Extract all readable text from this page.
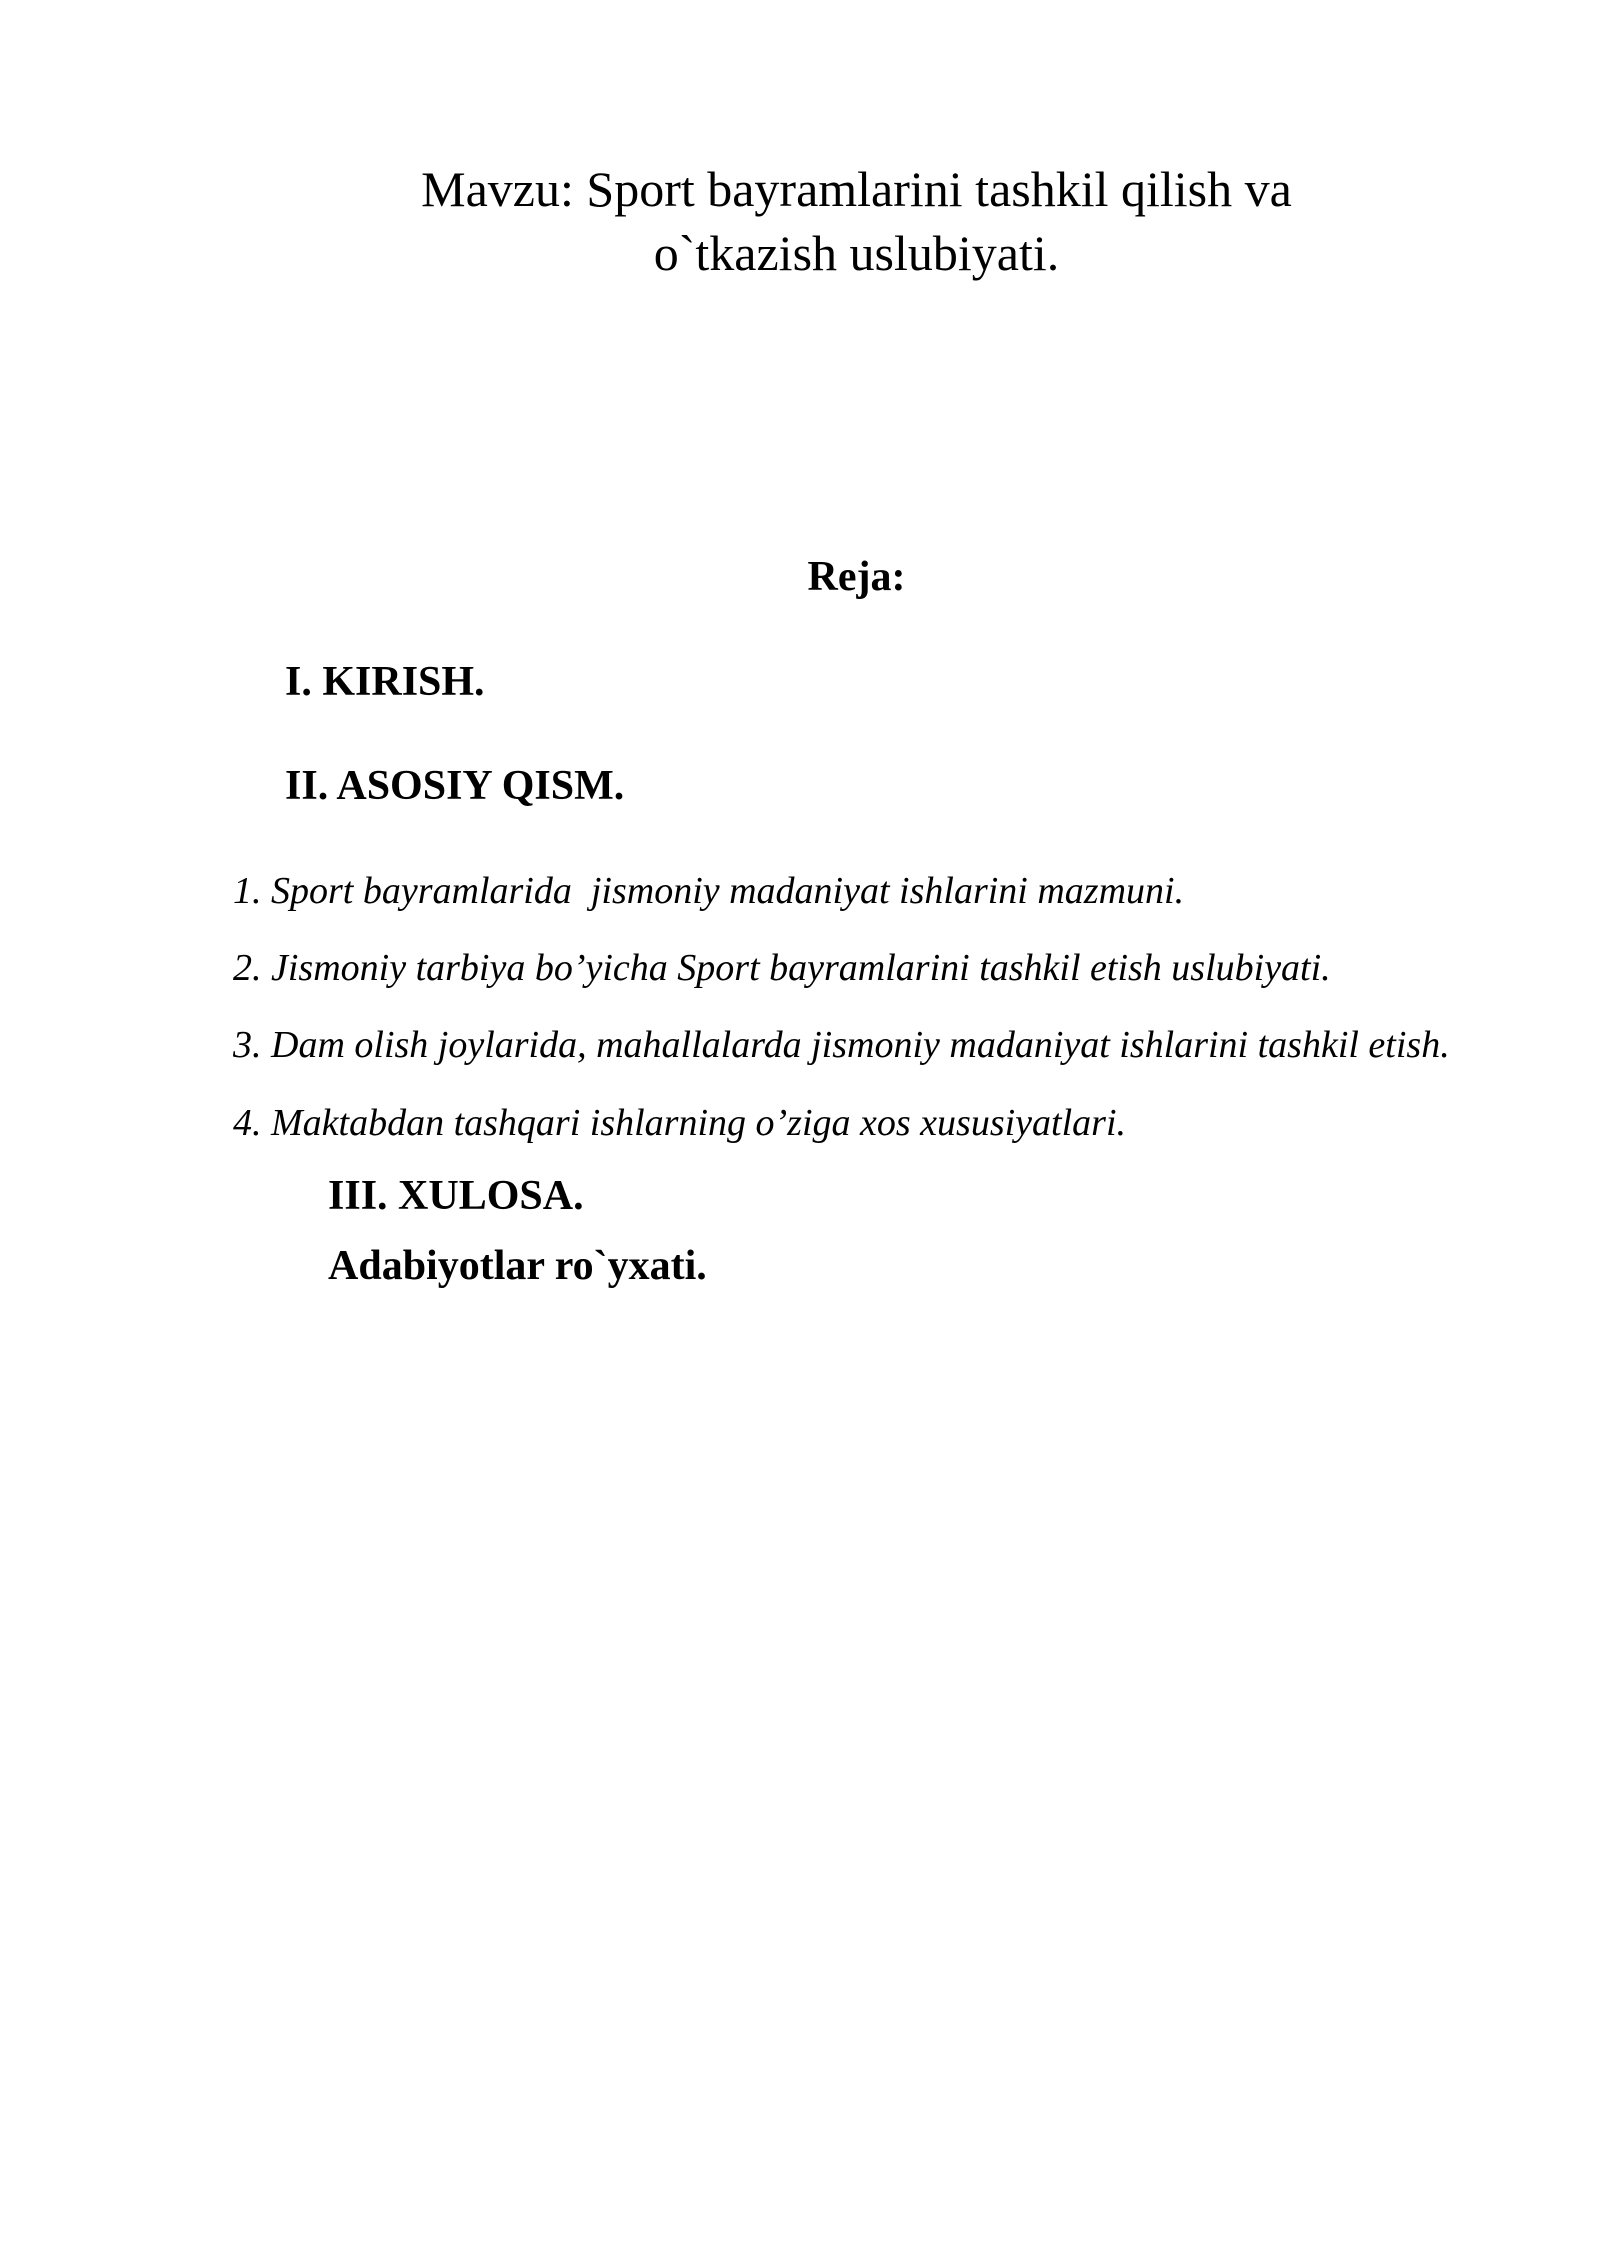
Mavzu: Sport bayramlarini tashkil qilish va
o`tkazish uslubiyati.
Reja:

I. KIRISH.

II. ASOSIY QISM.

1. Sport bayramlarida  jismoniy madaniyat ishlarini mazmuni.

2. Jismoniy tarbiya bo’yicha Sport bayramlarini tashkil etish uslubiyati.

3. Dam olish joylarida, mahallalarda jismoniy madaniyat ishlarini tashkil etish.

4. Maktabdan tashqari ishlarning o’ziga xos xususiyatlari.

III. XULOSA.

Adabiyotlar ro`yxati.
